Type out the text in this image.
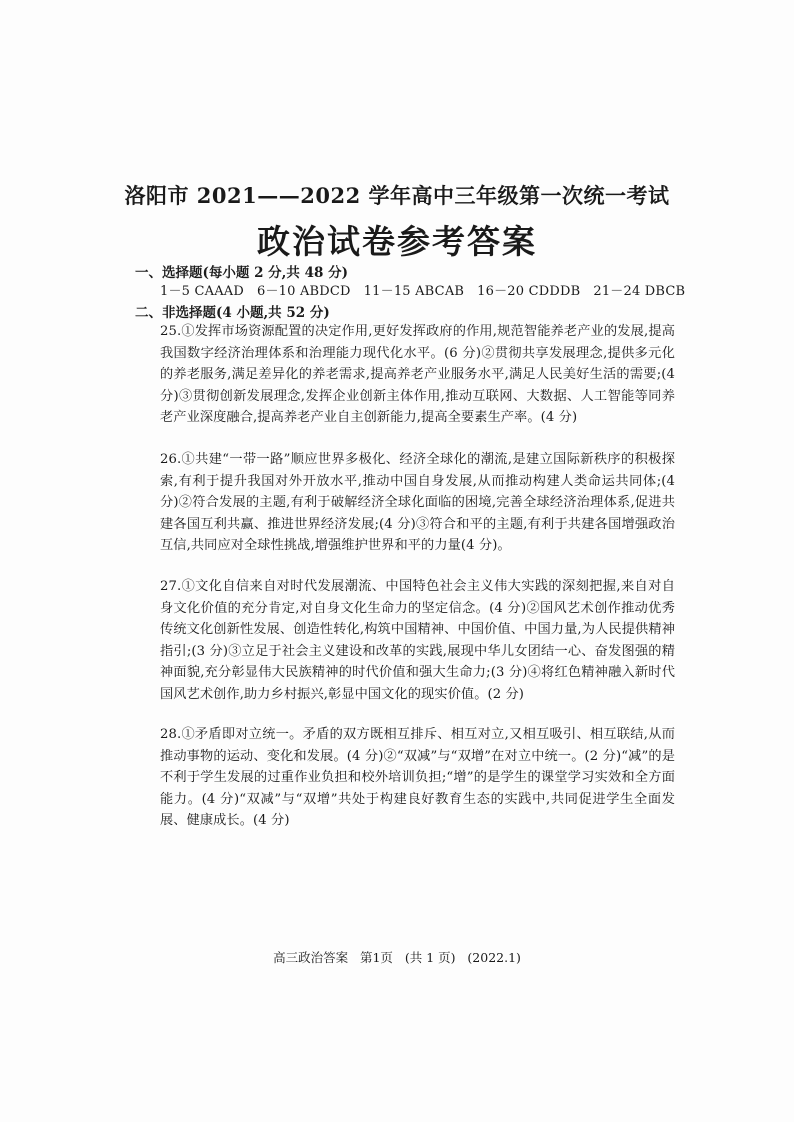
洛阳市 2021——2022 学年高中三年级第一次统一考试
政治试卷参考答案
一、选择题(每小题 2 分,共 48 分)
1－5 CAAAD   6－10 ABDCD   11－15 ABCAB   16－20 CDDDB   21－24 DBCB
二、非选择题(4 小题,共 52 分)
25.①发挥市场资源配置的决定作用,更好发挥政府的作用,规范智能养老产业的发展,提高我国数字经济治理体系和治理能力现代化水平。(6 分)②贯彻共享发展理念,提供多元化的养老服务,满足差异化的养老需求,提高养老产业服务水平,满足人民美好生活的需要;(4 分)③贯彻创新发展理念,发挥企业创新主体作用,推动互联网、大数据、人工智能等同养老产业深度融合,提高养老产业自主创新能力,提高全要素生产率。(4 分)
26.①共建“一带一路”顺应世界多极化、经济全球化的潮流,是建立国际新秩序的积极探索,有利于提升我国对外开放水平,推动中国自身发展,从而推动构建人类命运共同体;(4 分)②符合发展的主题,有利于破解经济全球化面临的困境,完善全球经济治理体系,促进共建各国互利共赢、推进世界经济发展;(4 分)③符合和平的主题,有利于共建各国增强政治互信,共同应对全球性挑战,增强维护世界和平的力量(4 分)。
27.①文化自信来自对时代发展潮流、中国特色社会主义伟大实践的深刻把握,来自对自身文化价值的充分肯定,对自身文化生命力的坚定信念。(4 分)②国风艺术创作推动优秀传统文化创新性发展、创造性转化,构筑中国精神、中国价值、中国力量,为人民提供精神指引;(3 分)③立足于社会主义建设和改革的实践,展现中华儿女团结一心、奋发图强的精神面貌,充分彰显伟大民族精神的时代价值和强大生命力;(3 分)④将红色精神融入新时代国风艺术创作,助力乡村振兴,彰显中国文化的现实价值。(2 分)
28.①矛盾即对立统一。矛盾的双方既相互排斥、相互对立,又相互吸引、相互联结,从而推动事物的运动、变化和发展。(4 分)②“双减”与“双增”在对立中统一。(2 分)“减”的是不利于学生发展的过重作业负担和校外培训负担;“增”的是学生的课堂学习实效和全方面能力。(4 分)“双减”与“双增”共处于构建良好教育生态的实践中,共同促进学生全面发展、健康成长。(4 分)
高三政治答案   第1页   (共 1 页)   (2022.1)
